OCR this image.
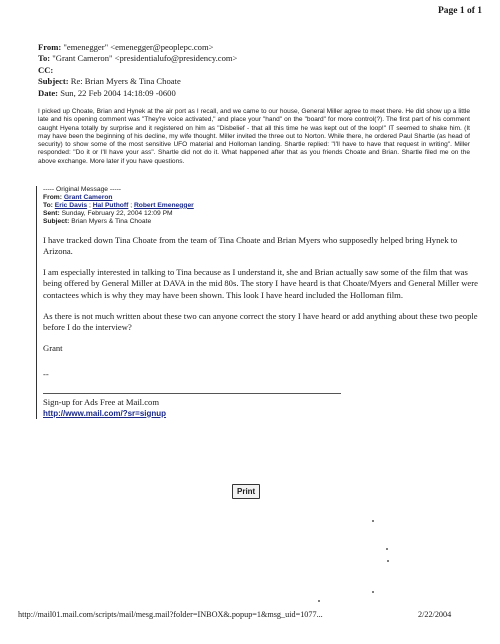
Page 1 of 1
From: "emenegger" <emenegger@peoplepc.com>
To: "Grant Cameron" <presidentialufo@presidency.com>
CC:
Subject: Re: Brian Myers & Tina Choate
Date: Sun, 22 Feb 2004 14:18:09 -0600
I picked up Choate, Brian and Hynek at the air port as I recall, and we came to our house, General Miller agree to meet there. He did show up a little late and his opening comment was "They're voice activated," and place your "hand" on the "board" for more control(?). The first part of his comment caught Hyena totally by surprise and it registered on him as "Disbelief - that all this time he was kept out of the loop!" IT seemed to shake him. (It may have been the beginning of his decline, my wife thought. Miller invited the three out to Norton. While there, he ordered Paul Shartle (as head of security) to show some of the most sensitive UFO material and Holloman landing. Shartle replied: "I'll have to have that request in writing". Miller responded: "Do it or I'll have your ass". Shartle did not do it. What happened after that as you friends Choate and Brian. Shartle filed me on the above exchange. More later if you have questions.
----- Original Message -----
From: Grant Cameron
To: Eric Davis ; Hal Puthoff ; Robert Emenegger
Sent: Sunday, February 22, 2004 12:09 PM
Subject: Brian Myers & Tina Choate

I have tracked down Tina Choate from the team of Tina Choate and Brian Myers who supposedly helped bring Hynek to Arizona.

I am especially interested in talking to Tina because as I understand it, she and Brian actually saw some of the film that was being offered by General Miller at DAVA in the mid 80s. The story I have heard is that Choate/Myers and General Miller were contactees which is why they may have been shown. This look I have heard included the Holloman film.

As there is not much written about these two can anyone correct the story I have heard or add anything about these two people before I do the interview?

Grant
--
Sign-up for Ads Free at Mail.com
http://www.mail.com/?sr=signup
Print
http://mail01.mail.com/scripts/mail/mesg.mail?folder=INBOX&.popup=1&msg_uid=1077...	2/22/2004
